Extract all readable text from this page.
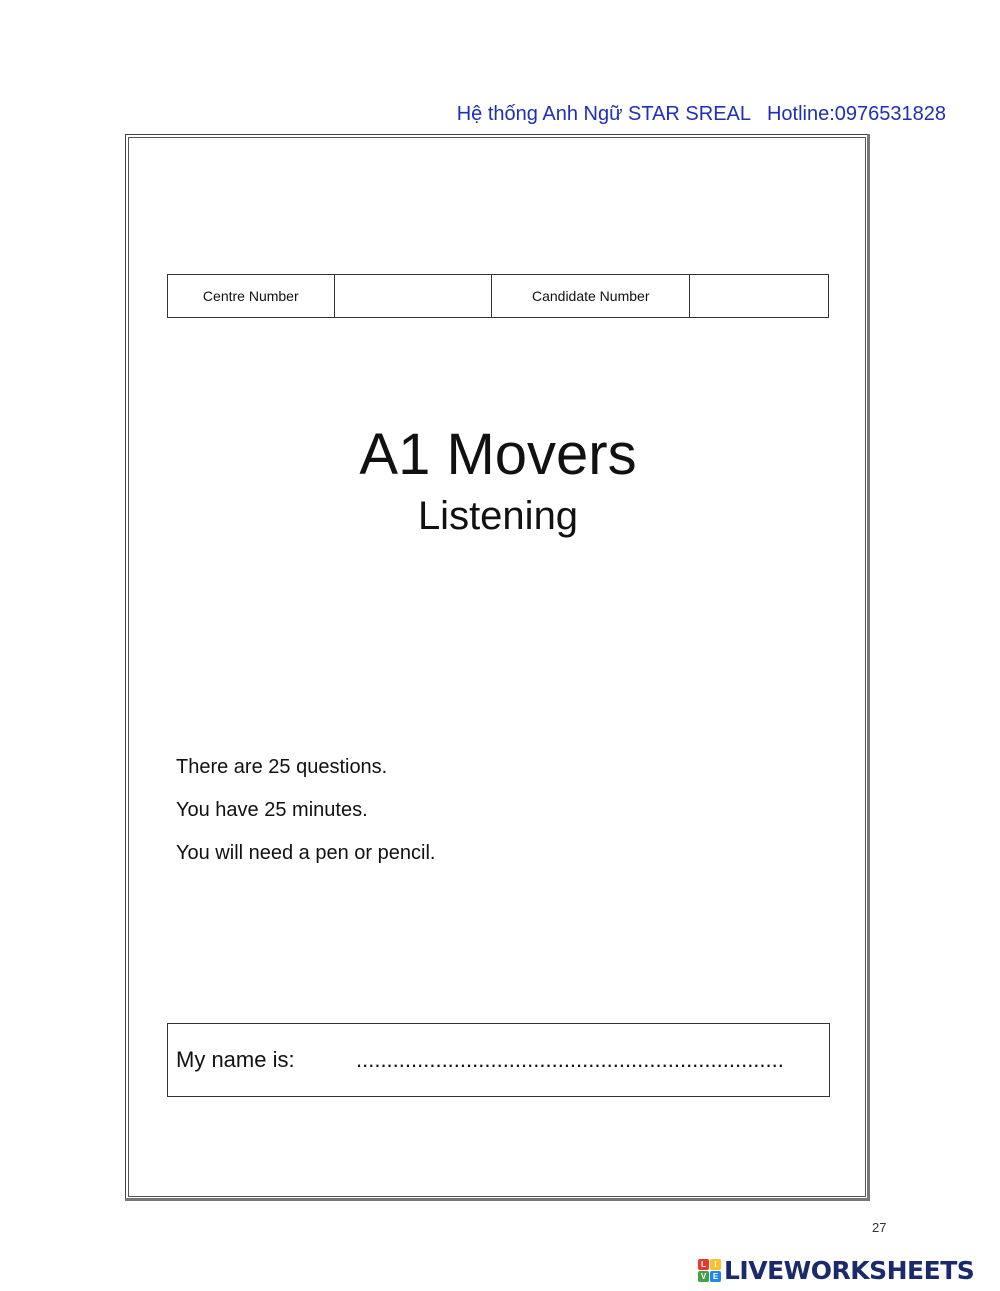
Hệ thống Anh Ngữ STAR SREAL Hotline:0976531828
Centre Number		Candidate Number	
A1 Movers
Listening
There are 25 questions.
You have 25 minutes.
You will need a pen or pencil.
My name is:	......................................................................
27
L	I
V E LIVEWORKSHEETS
